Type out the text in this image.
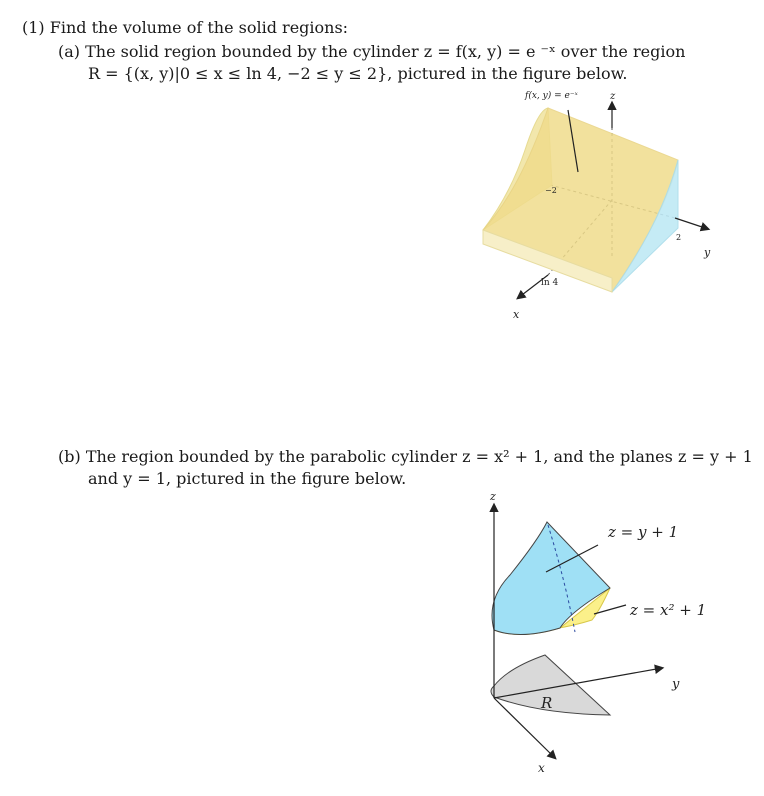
(1) Find the volume of the solid regions:
(a) The solid region bounded by the cylinder z = f(x, y) = e ⁻ˣ over the region
R = {(x, y)|0 ≤ x ≤ ln 4, −2 ≤ y ≤ 2}, pictured in the figure below.
(b) The region bounded by the parabolic cylinder z = x² + 1, and the planes z = y + 1
and y = 1, pictured in the figure below.
f(x, y) = e⁻ˣ	z
y
x
ln 4
−2
2
z
y
x
z = y + 1
z = x² + 1
R
